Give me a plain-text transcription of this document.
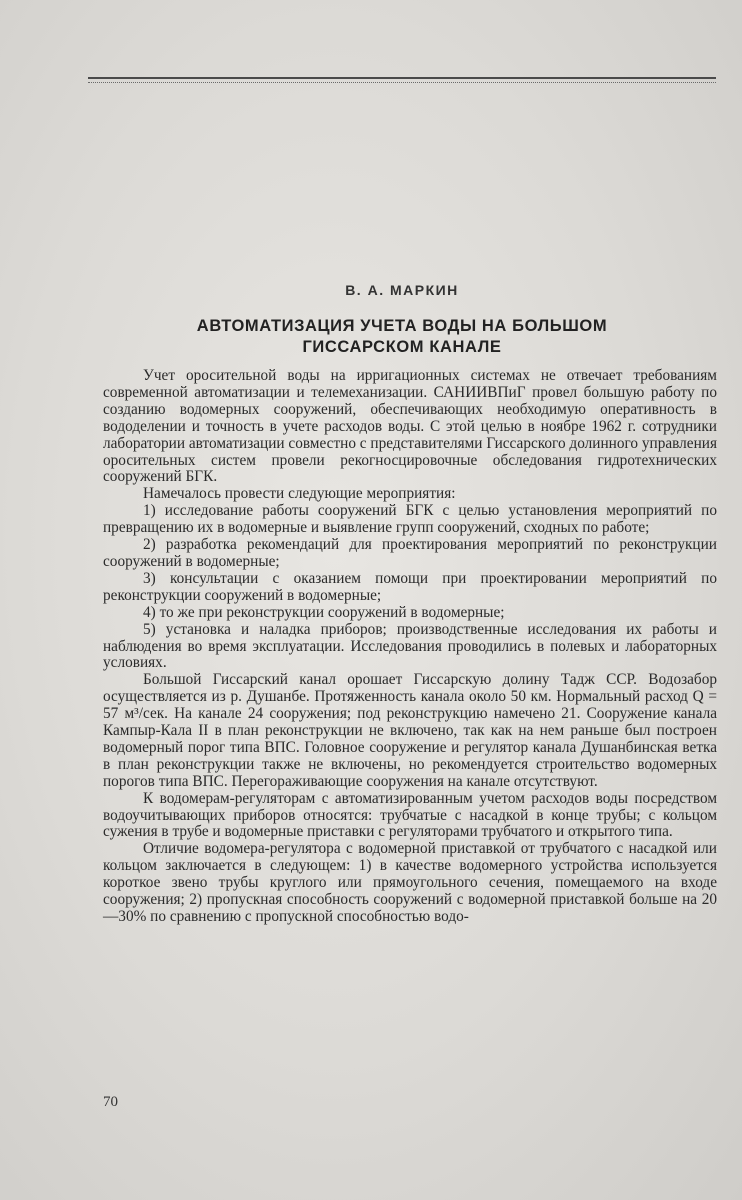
В. А. МАРКИН
АВТОМАТИЗАЦИЯ УЧЕТА ВОДЫ НА БОЛЬШОМ
ГИССАРСКОМ КАНАЛЕ

Учет оросительной воды на ирригационных системах не отвечает требованиям современной автоматизации и телемеханизации. САНИИВПиГ провел большую работу по созданию водомерных сооружений, обеспечивающих необходимую оперативность в вододелении и точность в учете расходов воды. С этой целью в ноябре 1962 г. сотрудники лаборатории автоматизации совместно с представителями Гиссарского долинного управления оросительных систем провели рекогносцировочные обследования гидротехнических сооружений БГК.

Намечалось провести следующие мероприятия:

1) исследование работы сооружений БГК с целью установления мероприятий по превращению их в водомерные и выявление групп сооружений, сходных по работе;

2) разработка рекомендаций для проектирования мероприятий по реконструкции сооружений в водомерные;

3) консультации с оказанием помощи при проектировании мероприятий по реконструкции сооружений в водомерные;

4) то же при реконструкции сооружений в водомерные;

5) установка и наладка приборов; производственные исследования их работы и наблюдения во время эксплуатации. Исследования проводились в полевых и лабораторных условиях.

Большой Гиссарский канал орошает Гиссарскую долину Тадж ССР. Водозабор осуществляется из р. Душанбе. Протяженность канала около 50 км. Нормальный расход Q = 57 м³/сек. На канале 24 сооружения; под реконструкцию намечено 21. Сооружение канала Кампыр-Кала II в план реконструкции не включено, так как на нем раньше был построен водомерный порог типа ВПС. Головное сооружение и регулятор канала Душанбинская ветка в план реконструкции также не включены, но рекомендуется строительство водомерных порогов типа ВПС. Перегораживающие сооружения на канале отсутствуют.

К водомерам-регуляторам с автоматизированным учетом расходов воды посредством водоучитывающих приборов относятся: трубчатые с насадкой в конце трубы; с кольцом сужения в трубе и водомерные приставки с регуляторами трубчатого и открытого типа.

Отличие водомера-регулятора с водомерной приставкой от трубчатого с насадкой или кольцом заключается в следующем: 1) в качестве водомерного устройства используется короткое звено трубы круглого или прямоугольного сечения, помещаемого на входе сооружения; 2) пропускная способность сооружений с водомерной приставкой больше на 20—30% по сравнению с пропускной способностью водо-

70
